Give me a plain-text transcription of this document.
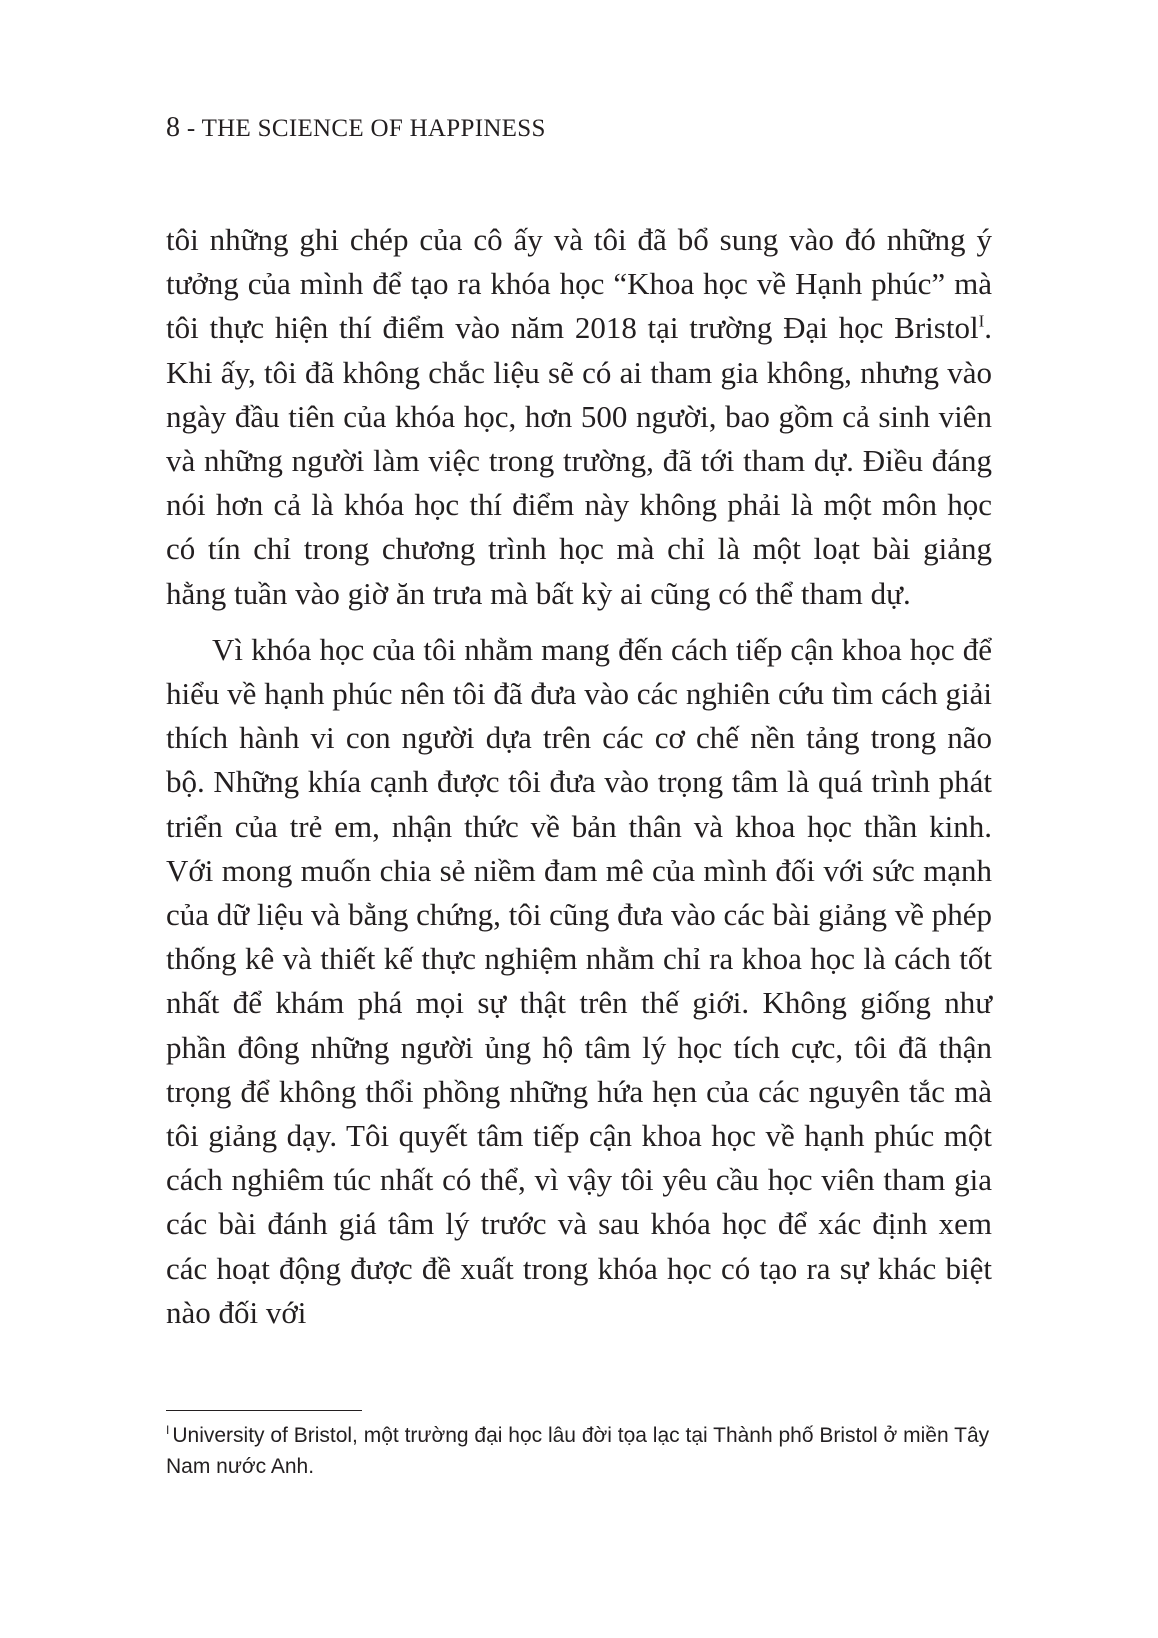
8 - THE SCIENCE OF HAPPINESS

tôi những ghi chép của cô ấy và tôi đã bổ sung vào đó những ý tưởng của mình để tạo ra khóa học “Khoa học về Hạnh phúc” mà tôi thực hiện thí điểm vào năm 2018 tại trường Đại học Bristol$^I$. Khi ấy, tôi đã không chắc liệu sẽ có ai tham gia không, nhưng vào ngày đầu tiên của khóa học, hơn 500 người, bao gồm cả sinh viên và những người làm việc trong trường, đã tới tham dự. Điều đáng nói hơn cả là khóa học thí điểm này không phải là một môn học có tín chỉ trong chương trình học mà chỉ là một loạt bài giảng hằng tuần vào giờ ăn trưa mà bất kỳ ai cũng có thể tham dự.

Vì khóa học của tôi nhằm mang đến cách tiếp cận khoa học để hiểu về hạnh phúc nên tôi đã đưa vào các nghiên cứu tìm cách giải thích hành vi con người dựa trên các cơ chế nền tảng trong não bộ. Những khía cạnh được tôi đưa vào trọng tâm là quá trình phát triển của trẻ em, nhận thức về bản thân và khoa học thần kinh. Với mong muốn chia sẻ niềm đam mê của mình đối với sức mạnh của dữ liệu và bằng chứng, tôi cũng đưa vào các bài giảng về phép thống kê và thiết kế thực nghiệm nhằm chỉ ra khoa học là cách tốt nhất để khám phá mọi sự thật trên thế giới. Không giống như phần đông những người ủng hộ tâm lý học tích cực, tôi đã thận trọng để không thổi phồng những hứa hẹn của các nguyên tắc mà tôi giảng dạy. Tôi quyết tâm tiếp cận khoa học về hạnh phúc một cách nghiêm túc nhất có thể, vì vậy tôi yêu cầu học viên tham gia các bài đánh giá tâm lý trước và sau khóa học để xác định xem các hoạt động được đề xuất trong khóa học có tạo ra sự khác biệt nào đối với

$^I$ University of Bristol, một trường đại học lâu đời tọa lạc tại Thành phố Bristol ở miền Tây Nam nước Anh.
